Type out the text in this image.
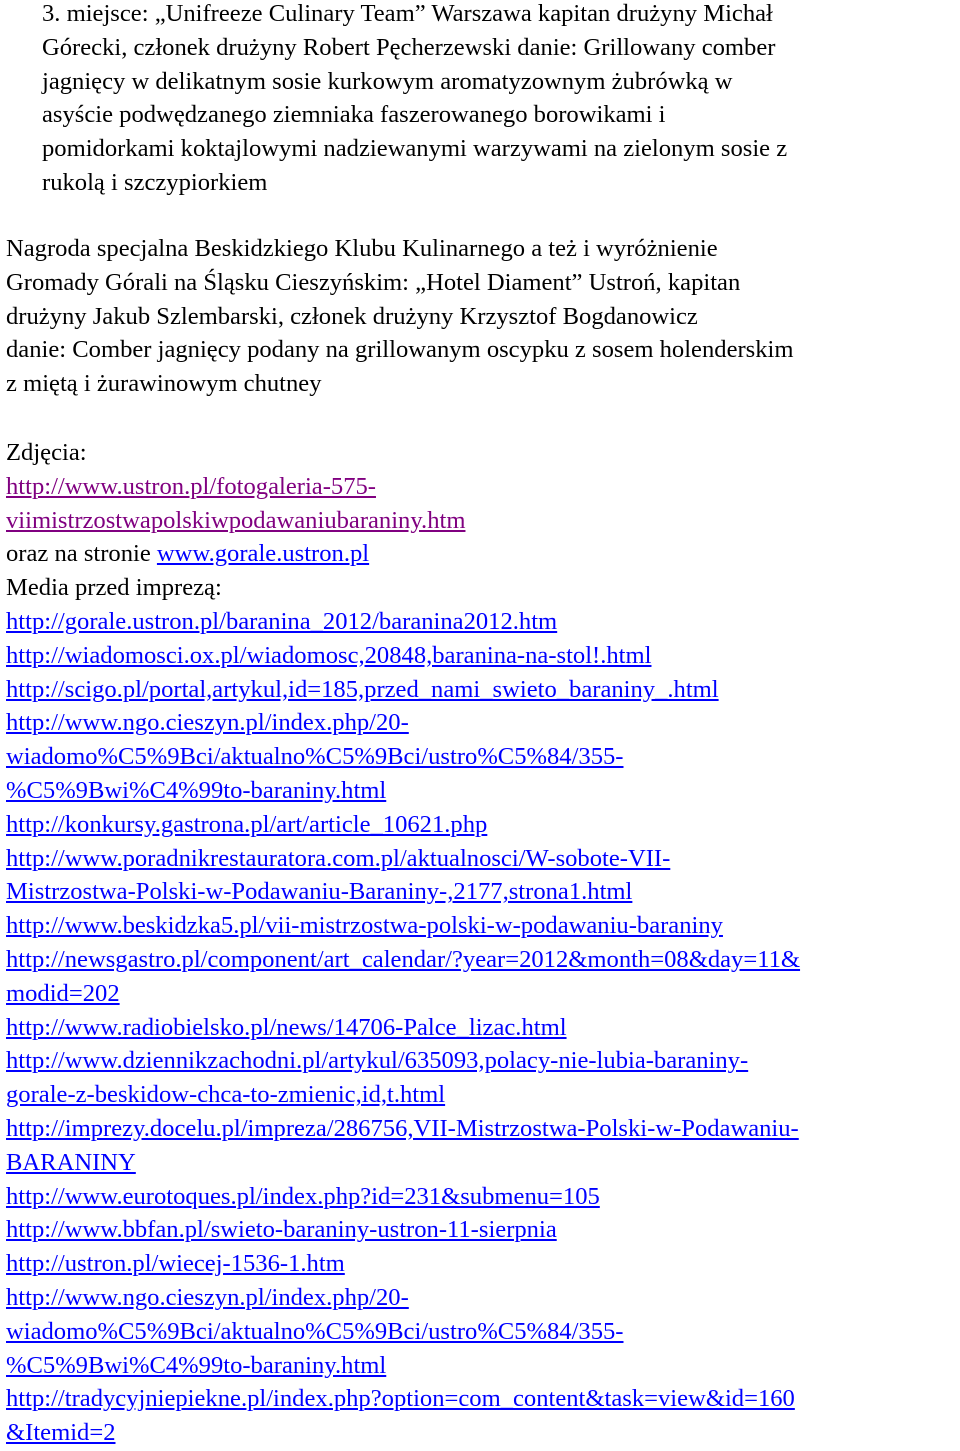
3. miejsce: „Unifreeze Culinary Team” Warszawa kapitan drużyny Michał
Górecki, członek drużyny Robert Pęcherzewski danie: Grillowany comber
jagnięcy w delikatnym sosie kurkowym aromatyzownym żubrówką w
asyście podwędzanego ziemniaka faszerowanego borowikami i
pomidorkami koktajlowymi nadziewanymi warzywami na zielonym sosie z
rukolą i szczypiorkiem
Nagroda specjalna Beskidzkiego Klubu Kulinarnego a też i wyróżnienie
Gromady Górali na Śląsku Cieszyńskim: „Hotel Diament” Ustroń, kapitan
drużyny Jakub Szlembarski, członek drużyny Krzysztof Bogdanowicz
danie: Comber jagnięcy podany na grillowanym oscypku z sosem holenderskim
z miętą i żurawinowym chutney
Zdjęcia:
http://www.ustron.pl/fotogaleria-575-
viimistrzostwapolskiwpodawaniubaraniny.htm
oraz na stronie www.gorale.ustron.pl
Media przed imprezą:
http://gorale.ustron.pl/baranina_2012/baranina2012.htm
http://wiadomosci.ox.pl/wiadomosc,20848,baranina-na-stol!.html
http://scigo.pl/portal,artykul,id=185,przed_nami_swieto_baraniny_.html
http://www.ngo.cieszyn.pl/index.php/20-
wiadomo%C5%9Bci/aktualno%C5%9Bci/ustro%C5%84/355-
%C5%9Bwi%C4%99to-baraniny.html
http://konkursy.gastrona.pl/art/article_10621.php
http://www.poradnikrestauratora.com.pl/aktualnosci/W-sobote-VII-
Mistrzostwa-Polski-w-Podawaniu-Baraniny-,2177,strona1.html
http://www.beskidzka5.pl/vii-mistrzostwa-polski-w-podawaniu-baraniny
http://newsgastro.pl/component/art_calendar/?year=2012&month=08&day=11&
modid=202
http://www.radiobielsko.pl/news/14706-Palce_lizac.html
http://www.dziennikzachodni.pl/artykul/635093,polacy-nie-lubia-baraniny-
gorale-z-beskidow-chca-to-zmienic,id,t.html
http://imprezy.docelu.pl/impreza/286756,VII-Mistrzostwa-Polski-w-Podawaniu-
BARANINY
http://www.eurotoques.pl/index.php?id=231&submenu=105
http://www.bbfan.pl/swieto-baraniny-ustron-11-sierpnia
http://ustron.pl/wiecej-1536-1.htm
http://www.ngo.cieszyn.pl/index.php/20-
wiadomo%C5%9Bci/aktualno%C5%9Bci/ustro%C5%84/355-
%C5%9Bwi%C4%99to-baraniny.html
http://tradycyjniepiekne.pl/index.php?option=com_content&task=view&id=160
&Itemid=2
